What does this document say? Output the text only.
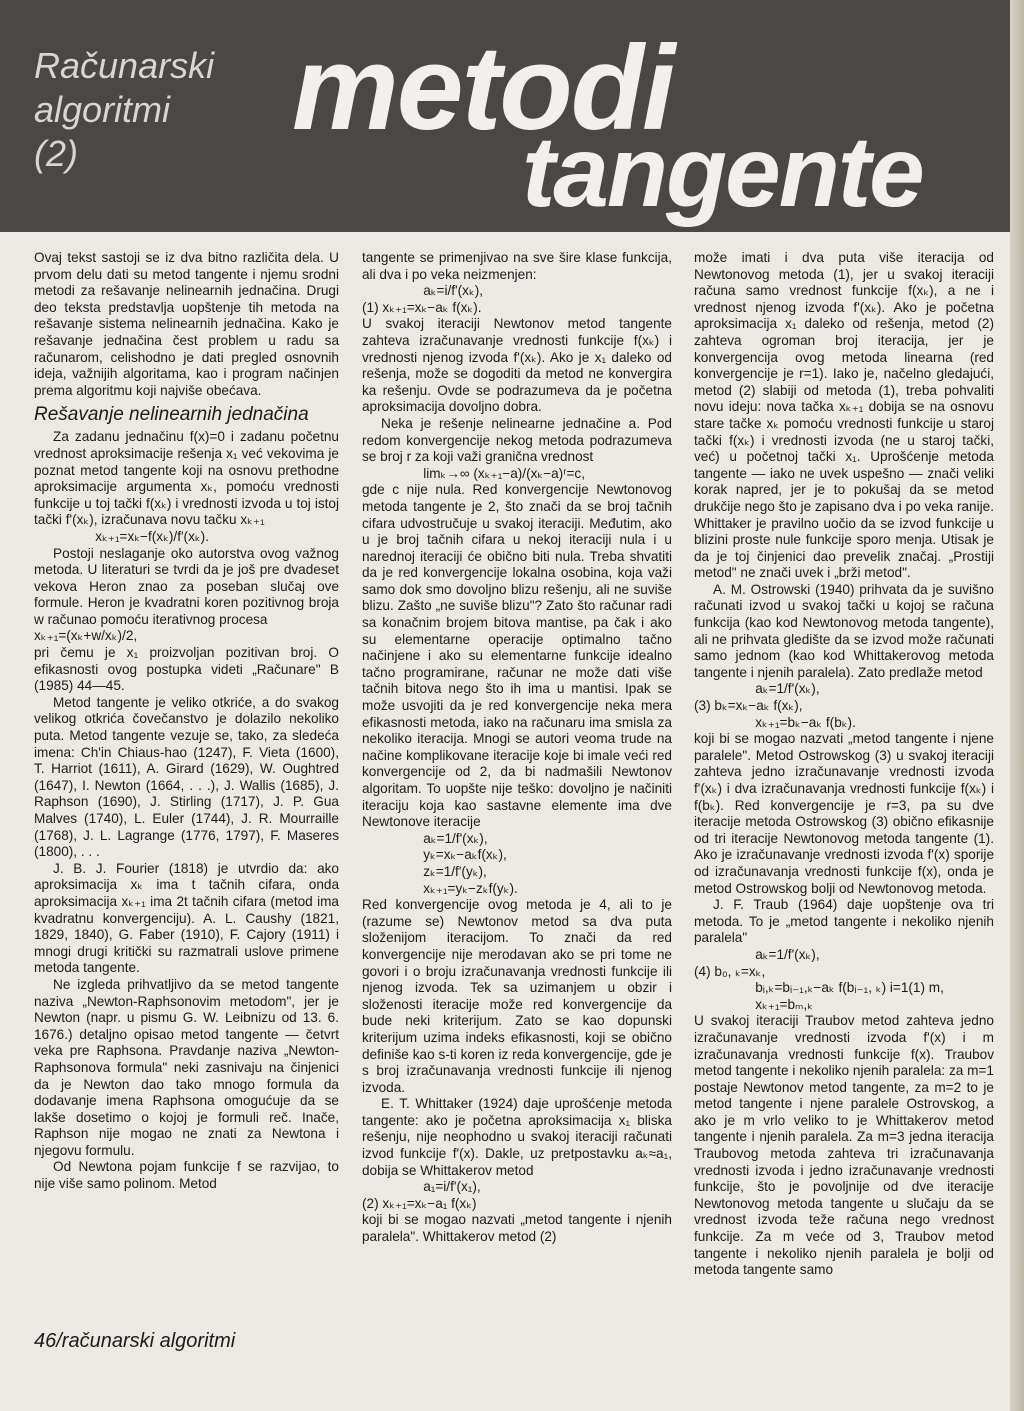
Računarski
algoritmi
(2)	metodi
tangente

Ovaj tekst sastoji se iz dva bitno različita dela. U prvom delu dati su metod tangente i njemu srodni metodi za rešavanje nelinearnih jednačina. Drugi deo teksta predstavlja uopštenje tih metoda na rešavanje sistema nelinearnih jednačina. Kako je rešavanje jednačina čest problem u radu sa računarom, celishodno je dati pregled osnovnih ideja, važnijih algoritama, kao i program načinjen prema algoritmu koji najviše obećava.

Rešavanje nelinearnih jednačina

Za zadanu jednačinu f(x)=0 i zadanu početnu vrednost aproksimacije rešenja x₁ već vekovima je poznat metod tangente koji na osnovu prethodne aproksimacije argumenta xₖ, pomoću vrednosti funkcije u toj tački f(xₖ) i vrednosti izvoda u toj istoj tački f'(xₖ), izračunava novu tačku xₖ₊₁

xₖ₊₁=xₖ−f(xₖ)/f'(xₖ).

Postoji neslaganje oko autorstva ovog važnog metoda. U literaturi se tvrdi da je još pre dvadeset vekova Heron znao za poseban slučaj ove formule. Heron je kvadratni koren pozitivnog broja w računao pomoću iterativnog procesa

xₖ₊₁=(xₖ+w/xₖ)/2,

pri čemu je x₁ proizvoljan pozitivan broj. O efikasnosti ovog postupka videti „Računare" B (1985) 44—45.

Metod tangente je veliko otkriće, a do svakog velikog otkrića čovečanstvo je dolazilo nekoliko puta. Metod tangente vezuje se, tako, za sledeća imena: Ch'in Chiaus-hao (1247), F. Vieta (1600), T. Harriot (1611), A. Girard (1629), W. Oughtred (1647), I. Newton (1664, . . .), J. Wallis (1685), J. Raphson (1690), J. Stirling (1717), J. P. Gua Malves (1740), L. Euler (1744), J. R. Mourraille (1768), J. L. Lagrange (1776, 1797), F. Maseres (1800), . . .

J. B. J. Fourier (1818) je utvrdio da: ako aproksimacija xₖ ima t tačnih cifara, onda aproksimacija xₖ₊₁ ima 2t tačnih cifara (metod ima kvadratnu konvergenciju). A. L. Caushy (1821, 1829, 1840), G. Faber (1910), F. Cajory (1911) i mnogi drugi kritički su razmatrali uslove primene metoda tangente.

Ne izgleda prihvatljivo da se metod tangente naziva „Newton-Raphsonovim metodom", jer je Newton (napr. u pismu G. W. Leibnizu od 13. 6. 1676.) detaljno opisao metod tangente — četvrt veka pre Raphsona. Pravdanje naziva „Newton-Raphsonova formula" neki zasnivaju na činjenici da je Newton dao tako mnogo formula da dodavanje imena Raphsona omogućuje da se lakše dosetimo o kojoj je formuli reč. Inače, Raphson nije mogao ne znati za Newtona i njegovu formulu.

Od Newtona pojam funkcije f se razvijao, to nije više samo polinom. Metod

tangente se primenjivao na sve šire klase funkcija, ali dva i po veka neizmenjen:

aₖ=i/f'(xₖ),

(1) xₖ₊₁=xₖ−aₖ f(xₖ).

U svakoj iteraciji Newtonov metod tangente zahteva izračunavanje vrednosti funkcije f(xₖ) i vrednosti njenog izvoda f'(xₖ). Ako je x₁ daleko od rešenja, može se dogoditi da metod ne konvergira ka rešenju. Ovde se podrazumeva da je početna aproksimacija dovoljno dobra.

Neka je rešenje nelinearne jednačine a. Pod redom konvergencije nekog metoda podrazumeva se broj r za koji važi granična vrednost

limₖ→∞ (xₖ₊₁−a)/(xₖ−a)ʳ=c,

gde c nije nula. Red konvergencije Newtonovog metoda tangente je 2, što znači da se broj tačnih cifara udvostručuje u svakoj iteraciji. Međutim, ako u je broj tačnih cifara u nekoj iteraciji nula i u narednoj iteraciji će obično biti nula. Treba shvatiti da je red konvergencije lokalna osobina, koja važi samo dok smo dovoljno blizu rešenju, ali ne suviše blizu. Zašto „ne suviše blizu"? Zato što računar radi sa konačnim brojem bitova mantise, pa čak i ako su elementarne operacije optimalno tačno načinjene i ako su elementarne funkcije idealno tačno programirane, računar ne može dati više tačnih bitova nego što ih ima u mantisi. Ipak se može usvojiti da je red konvergencije neka mera efikasnosti metoda, iako na računaru ima smisla za nekoliko iteracija. Mnogi se autori veoma trude na načine komplikovane iteracije koje bi imale veći red konvergencije od 2, da bi nadmašili Newtonov algoritam. To uopšte nije teško: dovoljno je načiniti iteraciju koja kao sastavne elemente ima dve Newtonove iteracije

aₖ=1/f'(xₖ),

yₖ=xₖ−aₖf(xₖ),

zₖ=1/f'(yₖ),

xₖ₊₁=yₖ−zₖf(yₖ).

Red konvergencije ovog metoda je 4, ali to je (razume se) Newtonov metod sa dva puta složenijom iteracijom. To znači da red konvergencije nije merodavan ako se pri tome ne govori i o broju izračunavanja vrednosti funkcije ili njenog izvoda. Tek sa uzimanjem u obzir i složenosti iteracije može red konvergencije da bude neki kriterijum. Zato se kao dopunski kriterijum uzima indeks efikasnosti, koji se obično definiše kao s-ti koren iz reda konvergencije, gde je s broj izračunavanja vrednosti funkcije ili njenog izvoda.

E. T. Whittaker (1924) daje uprošćenje metoda tangente: ako je početna aproksimacija x₁ bliska rešenju, nije neophodno u svakoj iteraciji računati izvod funkcije f'(x). Dakle, uz pretpostavku aₖ≈a₁, dobija se Whittakerov metod

a₁=i/f'(x₁),

(2) xₖ₊₁=xₖ−a₁ f(xₖ)

koji bi se mogao nazvati „metod tangente i njenih paralela". Whittakerov metod (2)

može imati i dva puta više iteracija od Newtonovog metoda (1), jer u svakoj iteraciji računa samo vrednost funkcije f(xₖ), a ne i vrednost njenog izvoda f'(xₖ). Ako je početna aproksimacija x₁ daleko od rešenja, metod (2) zahteva ogroman broj iteracija, jer je konvergencija ovog metoda linearna (red konvergencije je r=1). Iako je, načelno gledajući, metod (2) slabiji od metoda (1), treba pohvaliti novu ideju: nova tačka xₖ₊₁ dobija se na osnovu stare tačke xₖ pomoću vrednosti funkcije u staroj tački f(xₖ) i vrednosti izvoda (ne u staroj tački, već) u početnoj tački x₁. Uprošćenje metoda tangente — iako ne uvek uspešno — znači veliki korak napred, jer je to pokušaj da se metod drukčije nego što je zapisano dva i po veka ranije. Whittaker je pravilno uočio da se izvod funkcije u blizini proste nule funkcije sporo menja. Utisak je da je toj činjenici dao prevelik značaj. „Prostiji metod" ne znači uvek i „brži metod".

A. M. Ostrowski (1940) prihvata da je suvišno računati izvod u svakoj tački u kojoj se računa funkcija (kao kod Newtonovog metoda tangente), ali ne prihvata gledište da se izvod može računati samo jednom (kao kod Whittakerovog metoda tangente i njenih paralela). Zato predlaže metod

aₖ=1/f'(xₖ),

(3) bₖ=xₖ−aₖ f(xₖ),

xₖ₊₁=bₖ−aₖ f(bₖ).

koji bi se mogao nazvati „metod tangente i njene paralele". Metod Ostrowskog (3) u svakoj iteraciji zahteva jedno izračunavanje vrednosti izvoda f'(xₖ) i dva izračunavanja vrednosti funkcije f(xₖ) i f(bₖ). Red konvergencije je r=3, pa su dve iteracije metoda Ostrowskog (3) obično efikasnije od tri iteracije Newtonovog metoda tangente (1). Ako je izračunavanje vrednosti izvoda f'(x) sporije od izračunavanja vrednosti funkcije f(x), onda je metod Ostrowskog bolji od Newtonovog metoda.

J. F. Traub (1964) daje uopštenje ova tri metoda. To je „metod tangente i nekoliko njenih paralela"

aₖ=1/f'(xₖ),

(4) b₀, ₖ=xₖ,

bᵢ,ₖ=bᵢ₋₁,ₖ−aₖ f(bᵢ₋₁, ₖ) i=1(1) m,

xₖ₊₁=bₘ,ₖ

U svakoj iteraciji Traubov metod zahteva jedno izračunavanje vrednosti izvoda f'(x) i m izračunavanja vrednosti funkcije f(x). Traubov metod tangente i nekoliko njenih paralela: za m=1 postaje Newtonov metod tangente, za m=2 to je metod tangente i njene paralele Ostrovskog, a ako je m vrlo veliko to je Whittakerov metod tangente i njenih paralela. Za m=3 jedna iteracija Traubovog metoda zahteva tri izračunavanja vrednosti izvoda i jedno izračunavanje vrednosti funkcije, što je povoljnije od dve iteracije Newtonovog metoda tangente u slučaju da se vrednost izvoda teže računa nego vrednost funkcije. Za m veće od 3, Traubov metod tangente i nekoliko njenih paralela je bolji od metoda tangente samo

46/računarski algoritmi
